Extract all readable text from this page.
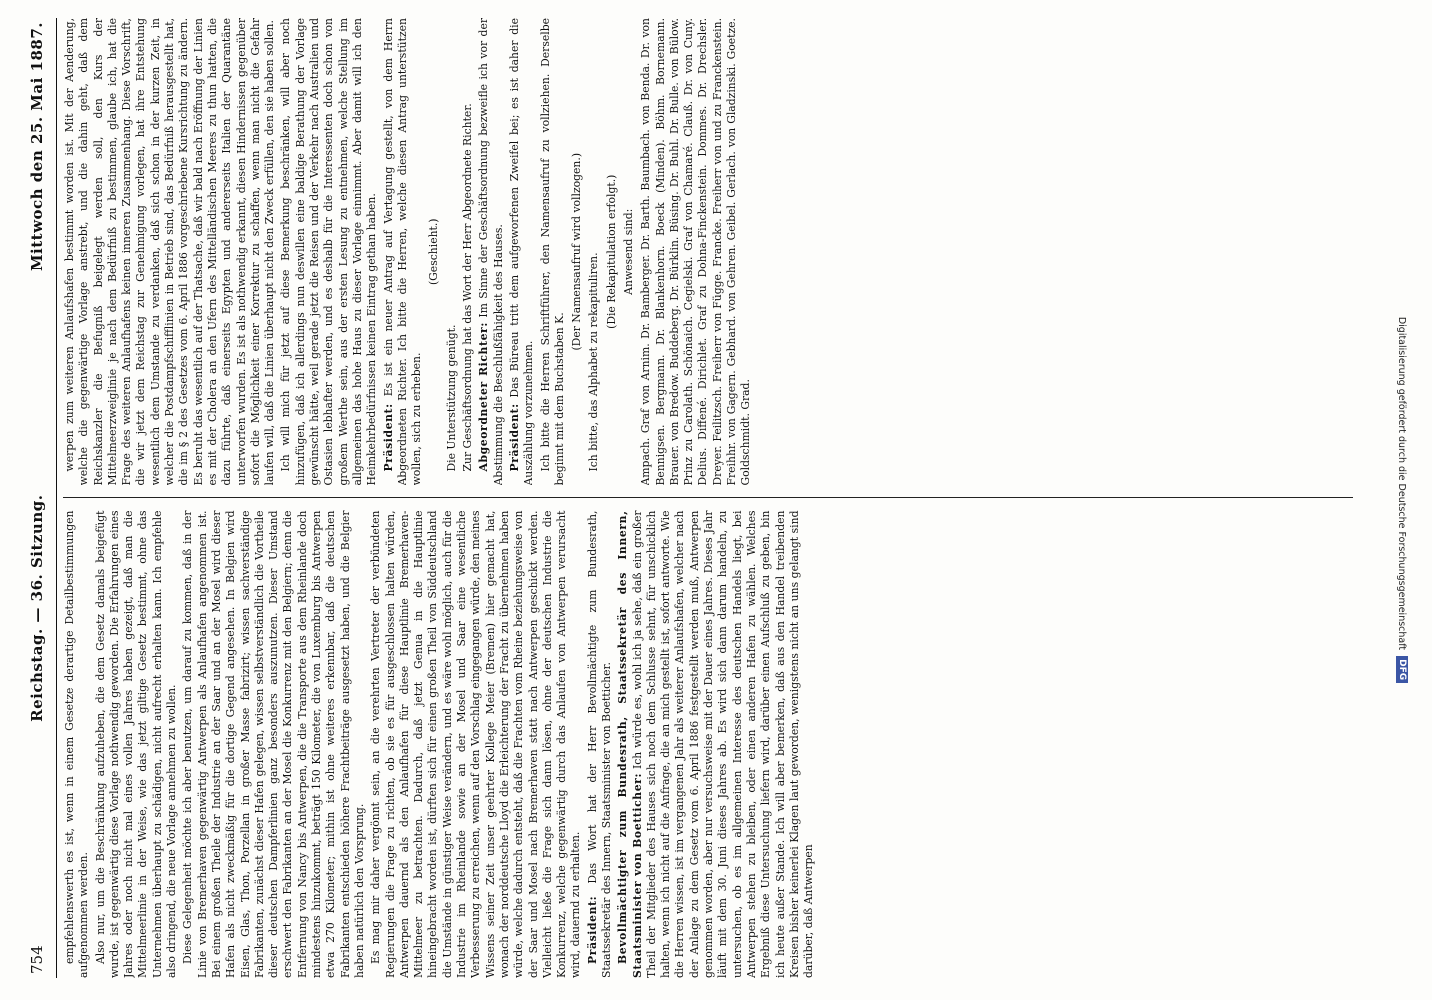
754
Reichstag. — 36. Sitzung.
Mittwoch den 25. Mai 1887.

empfehlenswerth es ist, wenn in einem Gesetze derartige Detailbestimmungen aufgenommen werden. Also nur, um die Beschränkung aufzuheben, die dem Gesetz damals beigefügt wurde, ist gegenwärtig diese Vorlage nothwendig geworden. Die Erfahrungen eines Jahres oder noch nicht mal eines vollen Jahres haben gezeigt, daß man die Mittelmeerlinie in der Weise, wie das jetzt giltige Gesetz bestimmt, ohne das Unternehmen überhaupt zu schädigen, nicht aufrecht erhalten kann. Ich empfehle also dringend, die neue Vorlage annehmen zu wollen. Diese Gelegenheit möchte ich aber benutzen, um darauf zu kommen, daß in der Linie von Bremerhaven gegenwärtig Antwerpen als Anlaufhafen angenommen ist. Bei einem großen Theile der Industrie an der Saar und an der Mosel wird dieser Hafen als nicht zweckmäßig für die dortige Gegend angesehen. In Belgien wird Eisen, Glas, Thon, Porzellan in großer Masse fabrizirt; wissen sachverständige Fabrikanten, zunächst dieser Hafen gelegen, wissen selbstverständlich die Vortheile dieser deutschen Dampferlinien ganz besonders auszunutzen. Dieser Umstand erschwert den Fabrikanten an der Mosel die Konkurrenz mit den Belgiern; denn die Entfernung von Nancy bis Antwerpen, die die Transporte aus dem Rheinlande doch mindestens hinzukommt, beträgt 150 Kilometer, die von Luxemburg bis Antwerpen etwa 270 Kilometer; mithin ist ohne weiteres erkennbar, daß die deutschen Fabrikanten entschieden höhere Frachtbeiträge ausgesetzt haben, und die Belgier haben natürlich den Vorsprung. Es mag mir daher vergönnt sein, an die verehrten Vertreter der verbündeten Regierungen die Frage zu richten, ob sie es für ausgeschlossen halten würden, Antwerpen dauernd als den Anlaufhafen für diese Hauptlinie Bremerhaven-Mittelmeer zu betrachten. Dadurch, daß jetzt Genua in die Hauptlinie hineingebracht worden ist, dürften sich für einen großen Theil von Süddeutschland die Umstände in günstiger Weise verändern, und es wäre wohl möglich, auch für die Industrie im Rheinlande sowie an der Mosel und Saar eine wesentliche Verbesserung zu erreichen, wenn auf den Vorschlag eingegangen würde, den meines Wissens seiner Zeit unser geehrter Kollege Meier (Bremen) hier gemacht hat, wonach der norddeutsche Lloyd die Erleichterung der Fracht zu übernehmen haben würde, welche dadurch entsteht, daß die Frachten vom Rheine beziehungsweise von der Saar und Mosel nach Bremerhaven statt nach Antwerpen geschickt werden. Vielleicht ließe die Frage sich dann lösen, ohne der deutschen Industrie die Konkurrenz, welche gegenwärtig durch das Anlaufen von Antwerpen verursacht wird, dauernd zu erhalten. Präsident: Das Wort hat der Herr Bevollmächtigte zum Bundesrath, Staatssekretär des Innern, Staatsminister von Boetticher. Bevollmächtigter zum Bundesrath, Staatssekretär des Innern, Staatsminister von Boetticher: Ich würde es, wohl ich ja sehe, daß ein großer Theil der Mitglieder des Hauses sich noch dem Schlusse sehnt, für unschicklich halten, wenn ich nicht auf die Anfrage, die an mich gestellt ist, sofort antworte. Wie die Herren wissen, ist im vergangenen Jahr als weiterer Anlaufshafen, welcher nach der Anlage zu dem Gesetz vom 6. April 1886 festgestellt werden muß, Antwerpen genommen worden, aber nur versuchsweise mit der Dauer eines Jahres. Dieses Jahr läuft mit dem 30. Juni dieses Jahres ab. Es wird sich dann darum handeln, zu untersuchen, ob es im allgemeinen Interesse des deutschen Handels liegt, bei Antwerpen stehen zu bleiben, oder einen anderen Hafen zu wählen. Welches Ergebniß diese Untersuchung liefern wird, darüber einen Aufschluß zu geben, bin ich heute außer Stande. Ich will aber bemerken, daß aus den Handel treibenden Kreisen bisher keinerlei Klagen laut geworden, wenigstens nicht an uns gelangt sind darüber, daß Antwerpen

werpen zum weiteren Anlaufshafen bestimmt worden ist. Mit der Aenderung, welche die gegenwärtige Vorlage anstrebt, und die dahin geht, daß dem Reichskanzler die Befugniß beigelegt werden soll, den Kurs der Mittelmeerzweiglinie je nach dem Bedürfniß zu bestimmen, glaube ich, hat die Frage des weiteren Anlaufhafens keinen inneren Zusammenhang. Diese Vorschrift, die wir jetzt dem Reichstag zur Genehmigung vorlegen, hat ihre Entstehung wesentlich dem Umstande zu verdanken, daß sich schon in der kurzen Zeit, in welcher die Postdampfschifflinien in Betrieb sind, das Bedürfniß herausgestellt hat, die im § 2 des Gesetzes vom 6. April 1886 vorgeschriebene Kursrichtung zu ändern. Es beruht das wesentlich auf der Thatsache, daß wir bald nach Eröffnung der Linien es mit der Cholera an den Ufern des Mittelländischen Meeres zu thun hatten, die dazu führte, daß einerseits Egypten und andererseits Italien der Quarantäne unterworfen wurden. Es ist als nothwendig erkannt, diesen Hindernissen gegenüber sofort die Möglichkeit einer Korrektur zu schaffen, wenn man nicht die Gefahr laufen will, daß die Linien überhaupt nicht den Zweck erfüllen, den sie haben sollen. Ich will mich für jetzt auf diese Bemerkung beschränken, will aber noch hinzufügen, daß ich allerdings nun deswillen eine baldige Berathung der Vorlage gewünscht hätte, weil gerade jetzt die Reisen und der Verkehr nach Australien und Ostasien lebhafter werden, und es deshalb für die Interessenten doch schon von großem Werthe sein, aus der ersten Lesung zu entnehmen, welche Stellung im allgemeinen das hohe Haus zu dieser Vorlage einnimmt. Aber damit will ich den Heimkehrbedürfnissen keinen Eintrag gethan haben. Präsident: Es ist ein neuer Antrag auf Vertagung gestellt, von dem Herrn Abgeordneten Richter. Ich bitte die Herren, welche diesen Antrag unterstützen wollen, sich zu erheben.

(Geschieht.)

Die Unterstützung genügt. Zur Geschäftsordnung hat das Wort der Herr Abgeordnete Richter. Abgeordneter Richter: Im Sinne der Geschäftsordnung bezweifle ich vor der Abstimmung die Beschlußfähigkeit des Hauses. Präsident: Das Büreau tritt dem aufgeworfenen Zweifel bei; es ist daher die Auszählung vorzunehmen. Ich bitte die Herren Schriftführer, den Namensaufruf zu vollziehen. Derselbe beginnt mit dem Buchstaben K.

(Der Namensaufruf wird vollzogen.)

Ich bitte, das Alphabet zu rekapituliren.

(Die Rekapitulation erfolgt.) Anwesend sind: Ampach. Graf von Arnim. Dr. Bamberger. Dr. Barth. Baumbach. von Benda. Dr. von Bennigsen. Bergmann. Dr. Blankenhorn. Boeck (Minden). Böhm. Bornemann. Brauer. von Bredow. Buddeberg. Dr. Bürklin. Büsing. Dr. Buhl. Dr. Bulle. von Bülow. Prinz zu Carolath. Schönaich. Cegielski. Graf von Chamaré. Clauß. Dr. von Cuny. Delius. Diffené. Dirichlet. Graf zu Dohna-Finckenstein. Dommes. Dr. Drechsler. Dreyer. Feilitzsch. Freiherr von Függe. Francke. Freiherr von und zu Franckenstein. Freihhr. von Gagern. Gebhard. von Gehren. Geibel. Gerlach. von Gladzinski. Goetze. Goldschmidt. Grad.	Digitalisierung gefördert durch die Deutsche Forschungsgemeinschaft
DFG
